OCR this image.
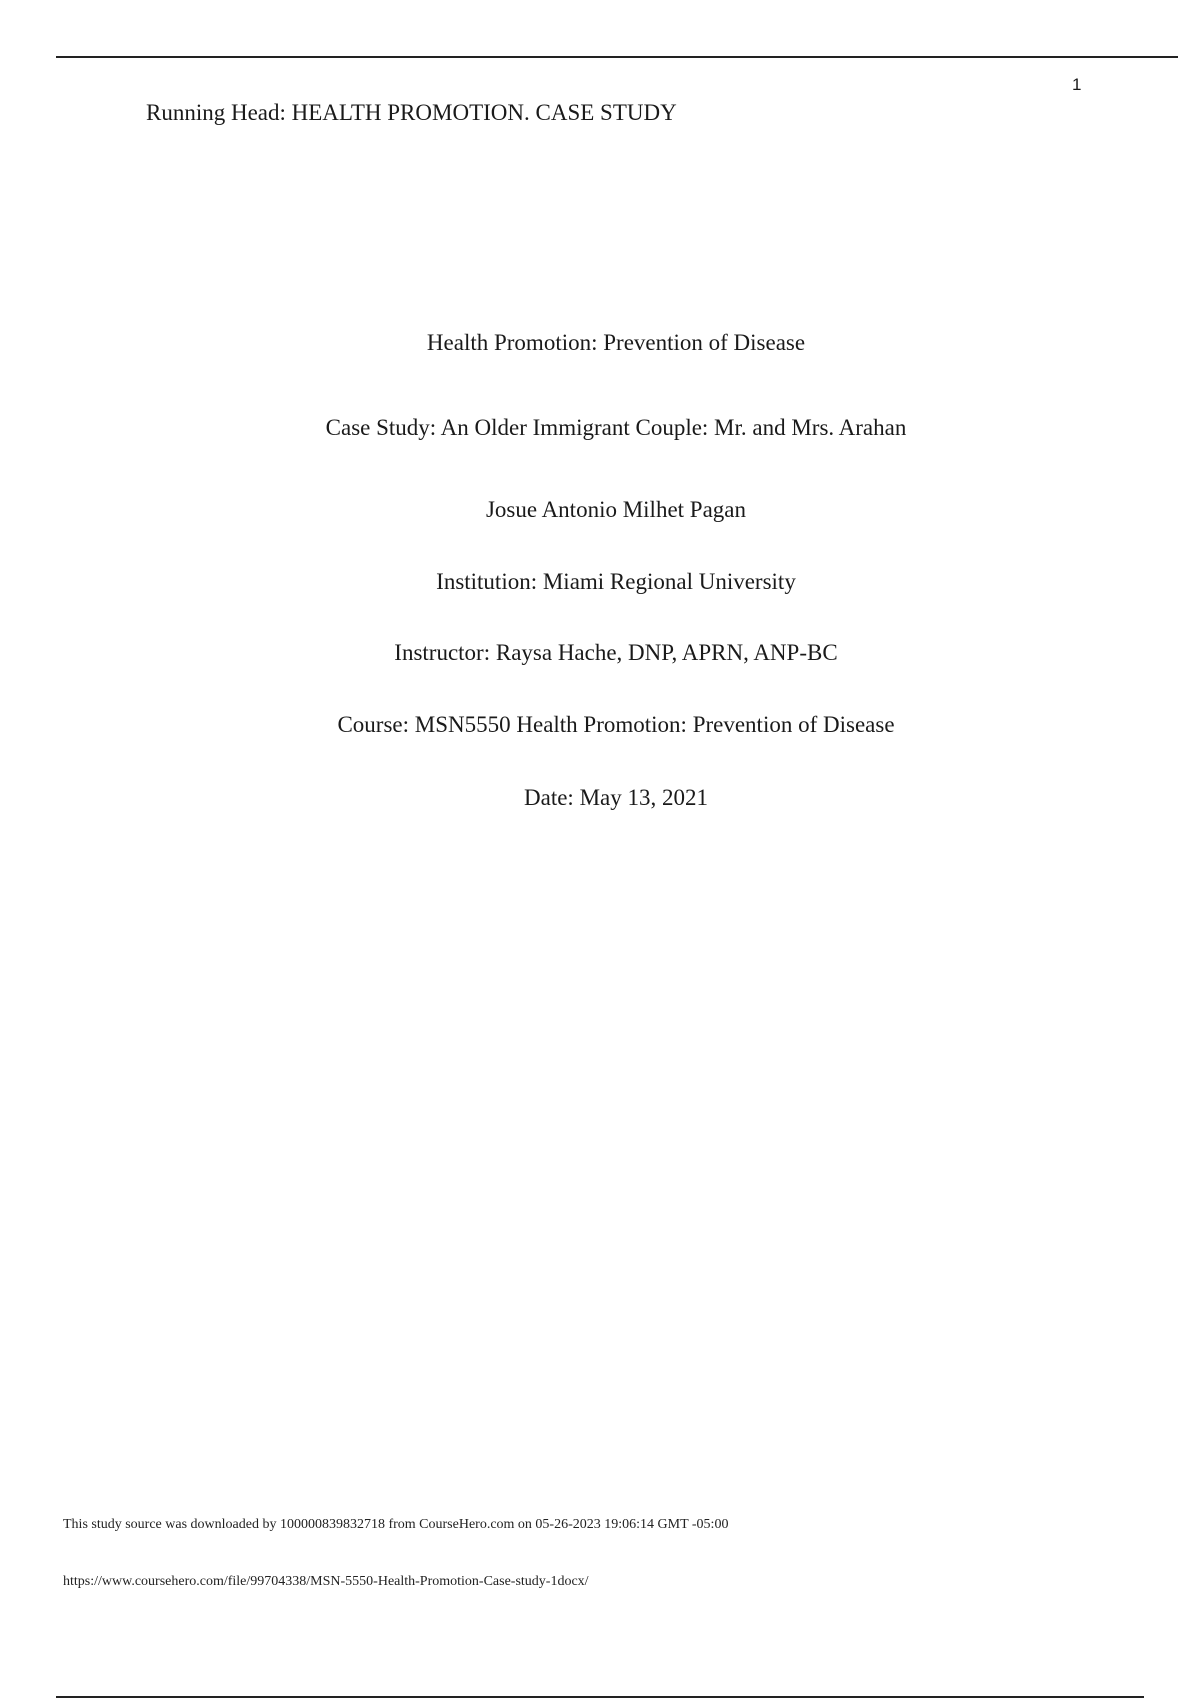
1
Running Head: HEALTH PROMOTION. CASE STUDY
Health Promotion: Prevention of Disease
Case Study: An Older Immigrant Couple: Mr. and Mrs. Arahan
Josue Antonio Milhet Pagan
Institution: Miami Regional University
Instructor: Raysa Hache, DNP, APRN, ANP-BC
Course: MSN5550 Health Promotion: Prevention of Disease
Date: May 13, 2021
This study source was downloaded by 100000839832718 from CourseHero.com on 05-26-2023 19:06:14 GMT -05:00
https://www.coursehero.com/file/99704338/MSN-5550-Health-Promotion-Case-study-1docx/
